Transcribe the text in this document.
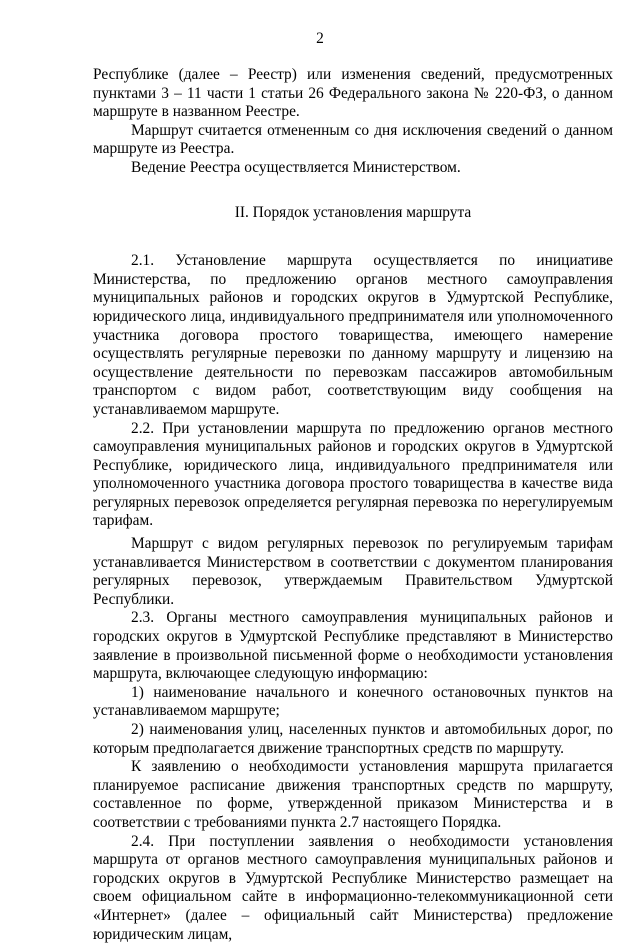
2

Республике (далее – Реестр) или изменения сведений, предусмотренных пунктами 3 – 11 части 1 статьи 26 Федерального закона № 220-ФЗ, о данном маршруте в названном Реестре.

Маршрут считается отмененным со дня исключения сведений о данном маршруте из Реестра.

Ведение Реестра осуществляется Министерством.

II. Порядок установления маршрута

2.1. Установление маршрута осуществляется по инициативе Министерства, по предложению органов местного самоуправления муниципальных районов и городских округов в Удмуртской Республике, юридического лица, индивидуального предпринимателя или уполномоченного участника договора простого товарищества, имеющего намерение осуществлять регулярные перевозки по данному маршруту и лицензию на осуществление деятельности по перевозкам пассажиров автомобильным транспортом с видом работ, соответствующим виду сообщения на устанавливаемом маршруте.

2.2. При установлении маршрута по предложению органов местного самоуправления муниципальных районов и городских округов в Удмуртской Республике, юридического лица, индивидуального предпринимателя или уполномоченного участника договора простого товарищества в качестве вида регулярных перевозок определяется регулярная перевозка по нерегулируемым тарифам.

Маршрут с видом регулярных перевозок по регулируемым тарифам устанавливается Министерством в соответствии с документом планирования регулярных перевозок, утверждаемым Правительством Удмуртской Республики.

2.3. Органы местного самоуправления муниципальных районов и городских округов в Удмуртской Республике представляют в Министерство заявление в произвольной письменной форме о необходимости установления маршрута, включающее следующую информацию:

1) наименование начального и конечного остановочных пунктов на устанавливаемом маршруте;

2) наименования улиц, населенных пунктов и автомобильных дорог, по которым предполагается движение транспортных средств по маршруту.

К заявлению о необходимости установления маршрута прилагается планируемое расписание движения транспортных средств по маршруту, составленное по форме, утвержденной приказом Министерства и в соответствии с требованиями пункта 2.7 настоящего Порядка.

2.4. При поступлении заявления о необходимости установления маршрута от органов местного самоуправления муниципальных районов и городских округов в Удмуртской Республике Министерство размещает на своем официальном сайте в информационно-телекоммуникационной сети «Интернет» (далее – официальный сайт Министерства) предложение юридическим лицам,
